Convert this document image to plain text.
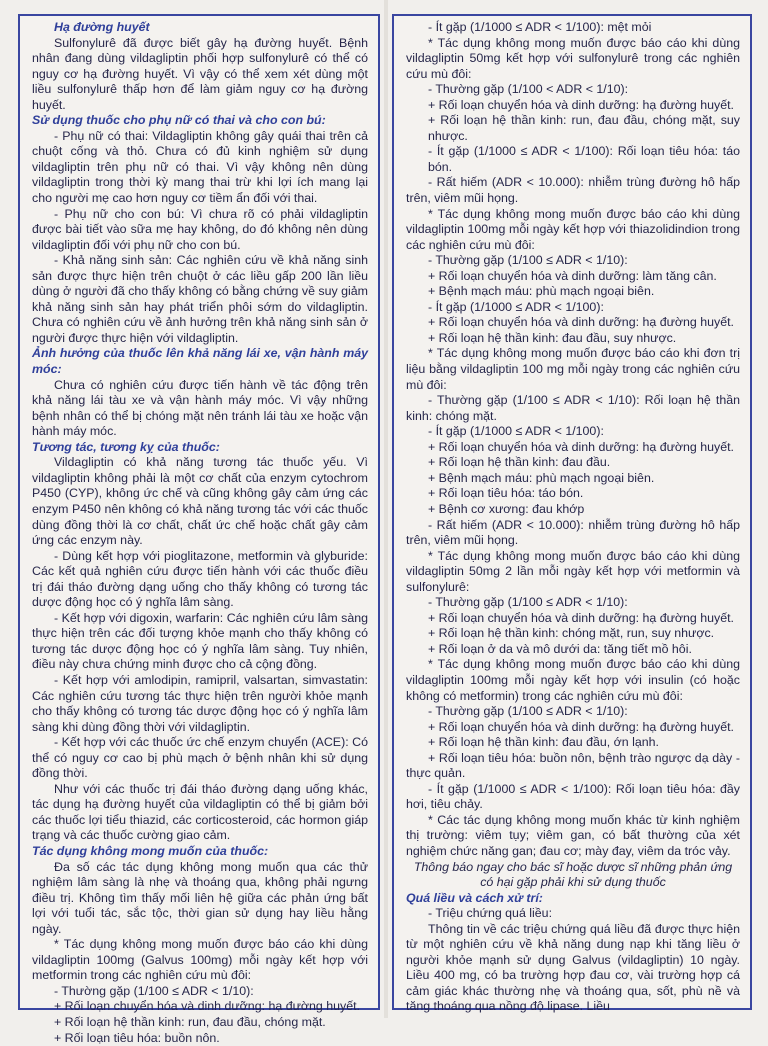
Hạ đường huyết

Sulfonylurê đã được biết gây hạ đường huyết. Bệnh nhân đang dùng vildagliptin phối hợp sulfonylurê có thể có nguy cơ hạ đường huyết. Vì vậy có thể xem xét dùng một liều sulfonylurê thấp hơn để làm giảm nguy cơ hạ đường huyết.

Sử dụng thuốc cho phụ nữ có thai và cho con bú:

- Phụ nữ có thai: Vildagliptin không gây quái thai trên cả chuột cống và thỏ. Chưa có đủ kinh nghiệm sử dụng vildagliptin trên phụ nữ có thai. Vì vậy không nên dùng vildagliptin trong thời kỳ mang thai trừ khi lợi ích mang lại cho người mẹ cao hơn nguy cơ tiềm ẩn đối với thai.

- Phụ nữ cho con bú: Vì chưa rõ có phải vildagliptin được bài tiết vào sữa mẹ hay không, do đó không nên dùng vildagliptin đối với phụ nữ cho con bú.

- Khả năng sinh sản: Các nghiên cứu về khả năng sinh sản được thực hiện trên chuột ở các liều gấp 200 lần liều dùng ở người đã cho thấy không có bằng chứng về suy giảm khả năng sinh sản hay phát triển phôi sớm do vildagliptin. Chưa có nghiên cứu về ảnh hưởng trên khả năng sinh sản ở người được thực hiện với vildagliptin.

Ảnh hưởng của thuốc lên khả năng lái xe, vận hành máy móc:

Chưa có nghiên cứu được tiến hành về tác động trên khả năng lái tàu xe và vận hành máy móc. Vì vậy những bệnh nhân có thể bị chóng mặt nên tránh lái tàu xe hoặc vận hành máy móc.

Tương tác, tương kỵ của thuốc:

Vildagliptin có khả năng tương tác thuốc yếu. Vì vildagliptin không phải là một cơ chất của enzym cytochrom P450 (CYP), không ức chế và cũng không gây cảm ứng các enzym P450 nên không có khả năng tương tác với các thuốc dùng đồng thời là cơ chất, chất ức chế hoặc chất gây cảm ứng các enzym này.

- Dùng kết hợp với pioglitazone, metformin và glyburide: Các kết quả nghiên cứu được tiến hành với các thuốc điều trị đái tháo đường dạng uống cho thấy không có tương tác dược động học có ý nghĩa lâm sàng.

- Kết hợp với digoxin, warfarin: Các nghiên cứu lâm sàng thực hiện trên các đối tượng khỏe mạnh cho thấy không có tương tác dược động học có ý nghĩa lâm sàng. Tuy nhiên, điều này chưa chứng minh được cho cả cộng đồng.

- Kết hợp với amlodipin, ramipril, valsartan, simvastatin: Các nghiên cứu tương tác thực hiện trên người khỏe mạnh cho thấy không có tương tác dược động học có ý nghĩa lâm sàng khi dùng đồng thời với vildagliptin.

- Kết hợp với các thuốc ức chế enzym chuyển (ACE): Có thể có nguy cơ cao bị phù mạch ở bệnh nhân khi sử dụng đồng thời.

Như với các thuốc trị đái tháo đường dạng uống khác, tác dụng hạ đường huyết của vildagliptin có thể bị giảm bởi các thuốc lợi tiểu thiazid, các corticosteroid, các hormon giáp trạng và các thuốc cường giao cảm.

Tác dụng không mong muốn của thuốc:

Đa số các tác dụng không mong muốn qua các thử nghiệm lâm sàng là nhẹ và thoáng qua, không phải ngưng điều trị. Không tìm thấy mối liên hệ giữa các phản ứng bất lợi với tuổi tác, sắc tộc, thời gian sử dụng hay liều hằng ngày.

* Tác dụng không mong muốn được báo cáo khi dùng vildagliptin 100mg (Galvus 100mg) mỗi ngày kết hợp với metformin trong các nghiên cứu mù đôi:

- Thường gặp (1/100 ≤ ADR < 1/10):

+ Rối loạn chuyển hóa và dinh dưỡng: hạ đường huyết.

+ Rối loạn hệ thần kinh: run, đau đầu, chóng mặt.

+ Rối loạn tiêu hóa: buồn nôn.

- Ít gặp (1/1000 ≤ ADR < 1/100): mệt mỏi

* Tác dụng không mong muốn được báo cáo khi dùng vildagliptin 50mg kết hợp với sulfonylurê trong các nghiên cứu mù đôi:

- Thường gặp (1/100 < ADR < 1/10):

+ Rối loạn chuyển hóa và dinh dưỡng: hạ đường huyết.

+ Rối loạn hệ thần kinh: run, đau đầu, chóng mặt, suy nhược.

- Ít gặp (1/1000 ≤ ADR < 1/100): Rối loạn tiêu hóa: táo bón.

- Rất hiếm (ADR < 10.000): nhiễm trùng đường hô hấp trên, viêm mũi họng.

* Tác dụng không mong muốn được báo cáo khi dùng vildagliptin 100mg mỗi ngày kết hợp với thiazolidindion trong các nghiên cứu mù đôi:

- Thường gặp (1/100 ≤ ADR < 1/10):

+ Rối loạn chuyển hóa và dinh dưỡng: làm tăng cân.

+ Bệnh mạch máu: phù mạch ngoại biên.

- Ít gặp (1/1000 ≤ ADR < 1/100):

+ Rối loạn chuyển hóa và dinh dưỡng: hạ đường huyết.

+ Rối loạn hệ thần kinh: đau đầu, suy nhược.

* Tác dụng không mong muốn được báo cáo khi đơn trị liệu bằng vildagliptin 100 mg mỗi ngày trong các nghiên cứu mù đôi:

- Thường gặp (1/100 ≤ ADR < 1/10): Rối loạn hệ thần kinh: chóng mặt.

- Ít gặp (1/1000 ≤ ADR < 1/100):

+ Rối loạn chuyển hóa và dinh dưỡng: hạ đường huyết.

+ Rối loạn hệ thần kinh: đau đầu.

+ Bệnh mạch máu: phù mạch ngoại biên.

+ Rối loạn tiêu hóa: táo bón.

+ Bệnh cơ xương: đau khớp

- Rất hiếm (ADR < 10.000): nhiễm trùng đường hô hấp trên, viêm mũi họng.

* Tác dụng không mong muốn được báo cáo khi dùng vildagliptin 50mg 2 lần mỗi ngày kết hợp với metformin và sulfonylurê:

- Thường gặp (1/100 ≤ ADR < 1/10):

+ Rối loạn chuyển hóa và dinh dưỡng: hạ đường huyết.

+ Rối loạn hệ thần kinh: chóng mặt, run, suy nhược.

+ Rối loạn ở da và mô dưới da: tăng tiết mồ hôi.

* Tác dụng không mong muốn được báo cáo khi dùng vildagliptin 100mg mỗi ngày kết hợp với insulin (có hoặc không có metformin) trong các nghiên cứu mù đôi:

- Thường gặp (1/100 ≤ ADR < 1/10):

+ Rối loạn chuyển hóa và dinh dưỡng: hạ đường huyết.

+ Rối loạn hệ thần kinh: đau đầu, ớn lạnh.

+ Rối loạn tiêu hóa: buồn nôn, bệnh trào ngược dạ dày - thực quản.

- Ít gặp (1/1000 ≤ ADR < 1/100): Rối loạn tiêu hóa: đầy hơi, tiêu chảy.

* Các tác dụng không mong muốn khác từ kinh nghiệm thị trường: viêm tụy; viêm gan, có bất thường của xét nghiệm chức năng gan; đau cơ; mày đay, viêm da tróc vảy.

Thông báo ngay cho bác sĩ hoặc dược sĩ những phản ứng có hại gặp phải khi sử dụng thuốc

Quá liều và cách xử trí:

- Triệu chứng quá liều:

Thông tin về các triệu chứng quá liều đã được thực hiện từ một nghiên cứu về khả năng dung nạp khi tăng liều ở người khỏe mạnh sử dụng Galvus (vildagliptin) 10 ngày. Liều 400 mg, có ba trường hợp đau cơ, vài trường hợp cá cảm giác khác thường nhẹ và thoáng qua, sốt, phù nề và tăng thoáng qua nồng độ lipase. Liều
